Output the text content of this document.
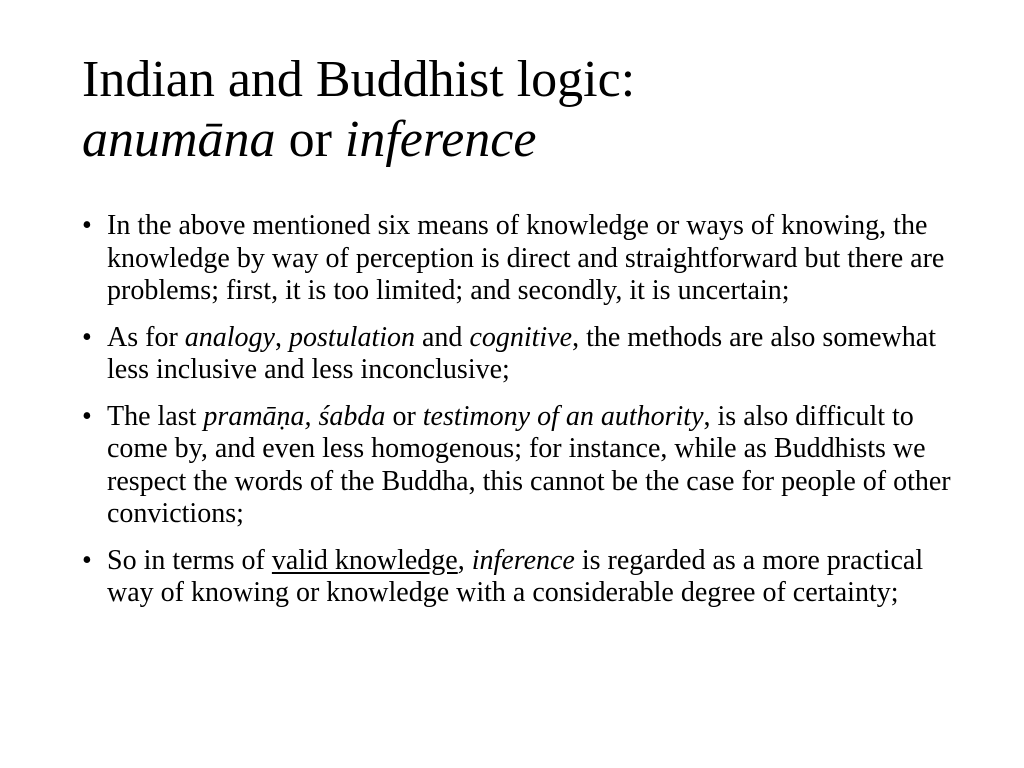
Indian and Buddhist logic:
anumāna or inference
• In the above mentioned six means of knowledge or ways of knowing, the knowledge by way of perception is direct and straightforward but there are problems; first, it is too limited; and secondly, it is uncertain;
• As for analogy, postulation and cognitive, the methods are also somewhat less inclusive and less inconclusive;
• The last pramāṇa, śabda or testimony of an authority, is also difficult to come by, and even less homogenous; for instance, while as Buddhists we respect the words of the Buddha, this cannot be the case for people of other convictions;
• So in terms of valid knowledge, inference is regarded as a more practical way of knowing or knowledge with a considerable degree of certainty;
